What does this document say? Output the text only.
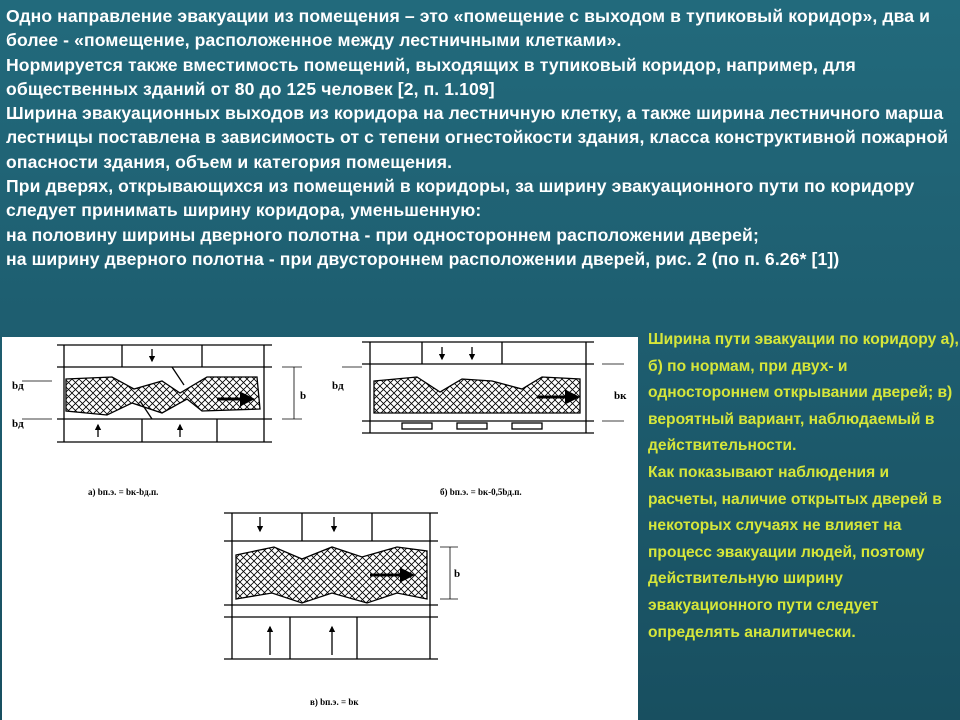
Одно направление эвакуации из помещения – это «помещение с выходом в тупиковый коридор», два и более - «помещение, расположенное между лестничными клетками».

Нормируется также вместимость помещений, выходящих в тупиковый коридор, например, для общественных зданий от 80 до 125 человек [2, п. 1.109]

Ширина эвакуационных выходов из коридора на лестничную клетку, а также ширина лестничного марша лестницы поставлена в зависимость от с тепени огнестойкости здания, класса конструктивной пожарной опасности здания, объем и категория помещения.

При дверях, открывающихся из помещений в коридоры, за ширину эвакуационного пути по коридору следует принимать ширину коридора, уменьшенную:

на половину ширины дверного полотна - при одностороннем расположении дверей;

на ширину дверного полотна - при двустороннем расположении дверей, рис. 2 (по п. 6.26* [1])

bд
bд
b
а) bп.э. = bк-bд.п.
bд
bк
б) bп.э. = bк-0,5bд.п.
b
в) bп.э. = bк

Ширина пути эвакуации по коридору а), б) по нормам, при двух- и одностороннем открывании дверей; в) вероятный вариант, наблюдаемый в действительности.

Как показывают наблюдения и расчеты, наличие открытых дверей в некоторых случаях не влияет на процесс эвакуации людей, поэтому действительную ширину эвакуационного пути следует определять аналитически.
